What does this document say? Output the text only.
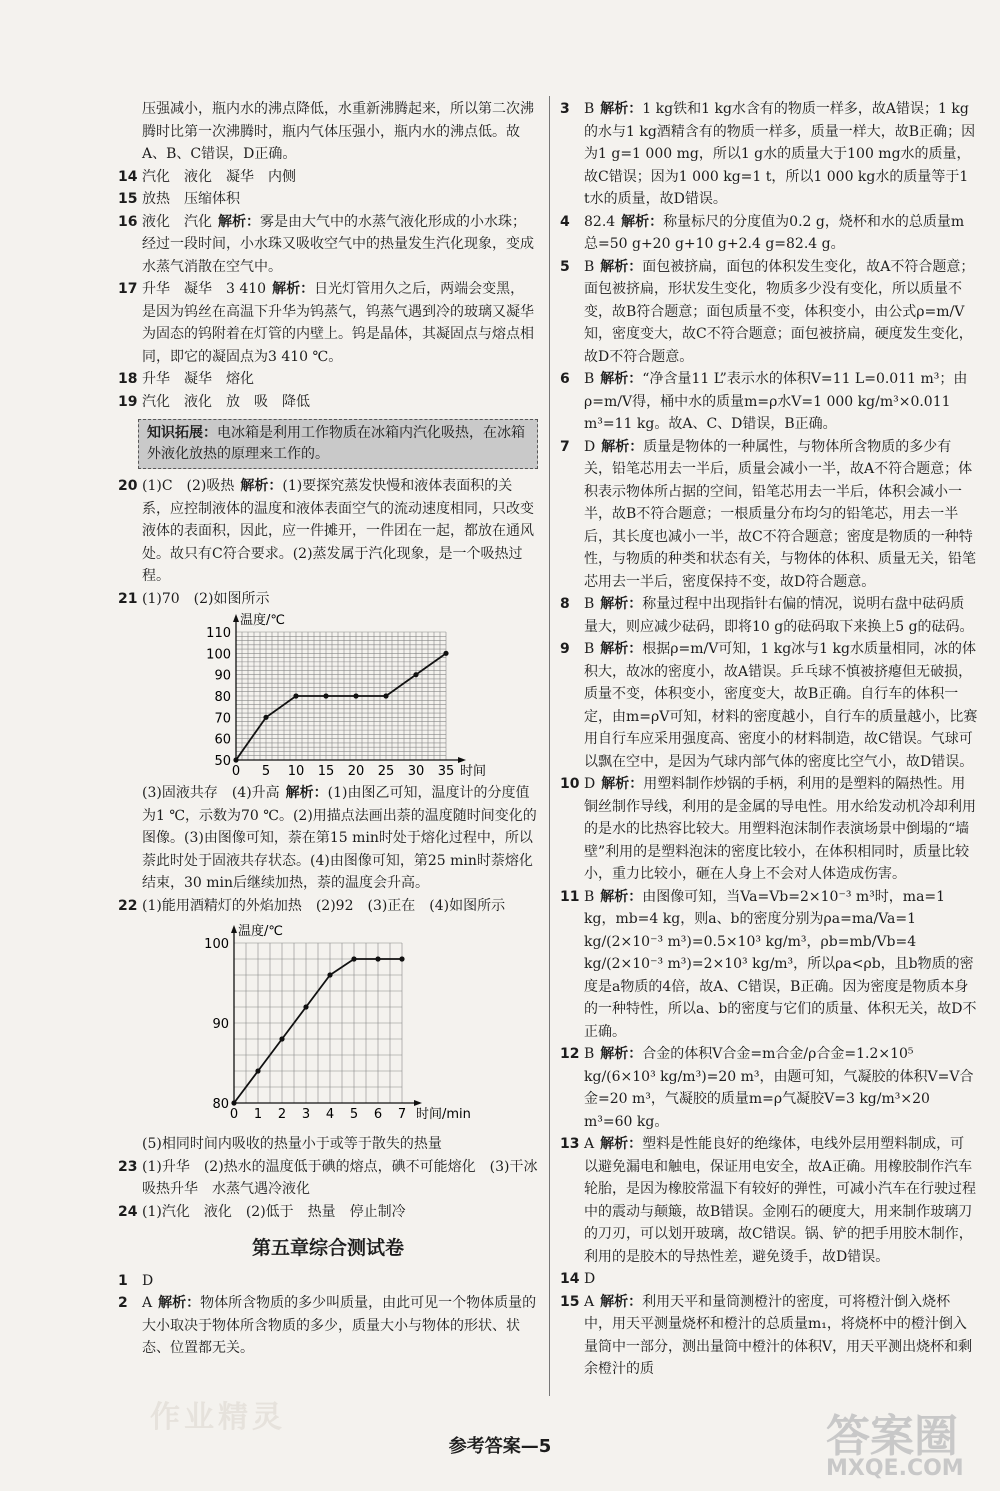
压强减小，瓶内水的沸点降低，水重新沸腾起来，所以第二次沸腾时比第一次沸腾时，瓶内气体压强小，瓶内水的沸点低。故A、B、C错误，D正确。
14 汽化　液化　凝华　内侧
15 放热　压缩体积
16 液化　汽化 解析：雾是由大气中的水蒸气液化形成的小水珠；经过一段时间，小水珠又吸收空气中的热量发生汽化现象，变成水蒸气消散在空气中。
17 升华　凝华　3 410 解析：日光灯管用久之后，两端会变黑，是因为钨丝在高温下升华为钨蒸气，钨蒸气遇到冷的玻璃又凝华为固态的钨附着在灯管的内壁上。钨是晶体，其凝固点与熔点相同，即它的凝固点为3 410 ℃。
18 升华　凝华　熔化
19 汽化　液化　放　吸　降低
知识拓展：电冰箱是利用工作物质在冰箱内汽化吸热，在冰箱外液化放热的原理来工作的。
20 (1)C　(2)吸热 解析：(1)要探究蒸发快慢和液体表面积的关系，应控制液体的温度和液体表面空气的流动速度相同，只改变液体的表面积，因此，应一件摊开，一件团在一起，都放在通风处。故只有C符合要求。(2)蒸发属于汽化现象，是一个吸热过程。
21 (1)70　(2)如图所示
0 5 10 15 20 25 30 35
50
60
70
80
90
100
110
时间
温度/℃
(3)固液共存　(4)升高 解析：(1)由图乙可知，温度计的分度值为1 ℃，示数为70 ℃。(2)用描点法画出萘的温度随时间变化的图像。(3)由图像可知，萘在第15 min时处于熔化过程中，所以萘此时处于固液共存状态。(4)由图像可知，第25 min时萘熔化结束，30 min后继续加热，萘的温度会升高。
22 (1)能用酒精灯的外焰加热　(2)92　(3)正在　(4)如图所示
0 1 2 3 4 5 6 7
80
90
100
时间/min
温度/℃
(5)相同时间内吸收的热量小于或等于散失的热量
23 (1)升华　(2)热水的温度低于碘的熔点，碘不可能熔化　(3)干冰吸热升华　水蒸气遇冷液化
24 (1)汽化　液化　(2)低于　热量　停止制冷
第五章综合测试卷
1	D
2	A 解析：物体所含物质的多少叫质量，由此可见一个物体质量的大小取决于物体所含物质的多少，质量大小与物体的形状、状态、位置都无关。
3	B 解析：1 kg铁和1 kg水含有的物质一样多，故A错误；1 kg的水与1 kg酒精含有的物质一样多，质量一样大，故B正确；因为1 g=1 000 mg，所以1 g水的质量大于100 mg水的质量，故C错误；因为1 000 kg=1 t，所以1 000 kg水的质量等于1 t水的质量，故D错误。
4	82.4 解析：称量标尺的分度值为0.2 g，烧杯和水的总质量m总=50 g+20 g+10 g+2.4 g=82.4 g。
5	B 解析：面包被挤扁，面包的体积发生变化，故A不符合题意；面包被挤扁，形状发生变化，物质多少没有变化，所以质量不变，故B符合题意；面包质量不变，体积变小，由公式ρ=m/V知，密度变大，故C不符合题意；面包被挤扁，硬度发生变化，故D不符合题意。
6	B 解析：“净含量11 L”表示水的体积V=11 L=0.011 m³；由ρ=m/V得，桶中水的质量m=ρ水V=1 000 kg/m³×0.011 m³=11 kg。故A、C、D错误，B正确。
7	D 解析：质量是物体的一种属性，与物体所含物质的多少有关，铅笔芯用去一半后，质量会减小一半，故A不符合题意；体积表示物体所占据的空间，铅笔芯用去一半后，体积会减小一半，故B不符合题意；一根质量分布均匀的铅笔芯，用去一半后，其长度也减小一半，故C不符合题意；密度是物质的一种特性，与物质的种类和状态有关，与物体的体积、质量无关，铅笔芯用去一半后，密度保持不变，故D符合题意。
8	B 解析：称量过程中出现指针右偏的情况，说明右盘中砝码质量大，则应减少砝码，即将10 g的砝码取下来换上5 g的砝码。
9	B 解析：根据ρ=m/V可知，1 kg冰与1 kg水质量相同，冰的体积大，故冰的密度小，故A错误。乒乓球不慎被挤瘪但无破损，质量不变，体积变小，密度变大，故B正确。自行车的体积一定，由m=ρV可知，材料的密度越小，自行车的质量越小，比赛用自行车应采用强度高、密度小的材料制造，故C错误。气球可以飘在空中，是因为气球内部气体的密度比空气小，故D错误。
10 D 解析：用塑料制作炒锅的手柄，利用的是塑料的隔热性。用铜丝制作导线，利用的是金属的导电性。用水给发动机冷却利用的是水的比热容比较大。用塑料泡沫制作表演场景中倒塌的“墙壁”利用的是塑料泡沫的密度比较小，在体积相同时，质量比较小，重力比较小，砸在人身上不会对人体造成伤害。
11 B 解析：由图像可知，当Va=Vb=2×10⁻³ m³时，ma=1 kg，mb=4 kg，则a、b的密度分别为ρa=ma/Va=1 kg/(2×10⁻³ m³)=0.5×10³ kg/m³，ρb=mb/Vb=4 kg/(2×10⁻³ m³)=2×10³ kg/m³，所以ρa<ρb，且b物质的密度是a物质的4倍，故A、C错误，B正确。因为密度是物质本身的一种特性，所以a、b的密度与它们的质量、体积无关，故D不正确。
12 B 解析：合金的体积V合金=m合金/ρ合金=1.2×10⁵ kg/(6×10³ kg/m³)=20 m³，由题可知，气凝胶的体积V=V合金=20 m³，气凝胶的质量m=ρ气凝胶V=3 kg/m³×20 m³=60 kg。
13 A 解析：塑料是性能良好的绝缘体，电线外层用塑料制成，可以避免漏电和触电，保证用电安全，故A正确。用橡胶制作汽车轮胎，是因为橡胶常温下有较好的弹性，可减小汽车在行驶过程中的震动与颠簸，故B错误。金刚石的硬度大，用来制作玻璃刀的刀刃，可以划开玻璃，故C错误。锅、铲的把手用胶木制作，利用的是胶木的导热性差，避免烫手，故D错误。
14 D
15 A 解析：利用天平和量筒测橙汁的密度，可将橙汁倒入烧杯中，用天平测量烧杯和橙汁的总质量m₁，将烧杯中的橙汁倒入量筒中一部分，测出量筒中橙汁的体积V，用天平测出烧杯和剩余橙汁的质
作业精灵
参考答案—5	答案圈
MXQE.COM
